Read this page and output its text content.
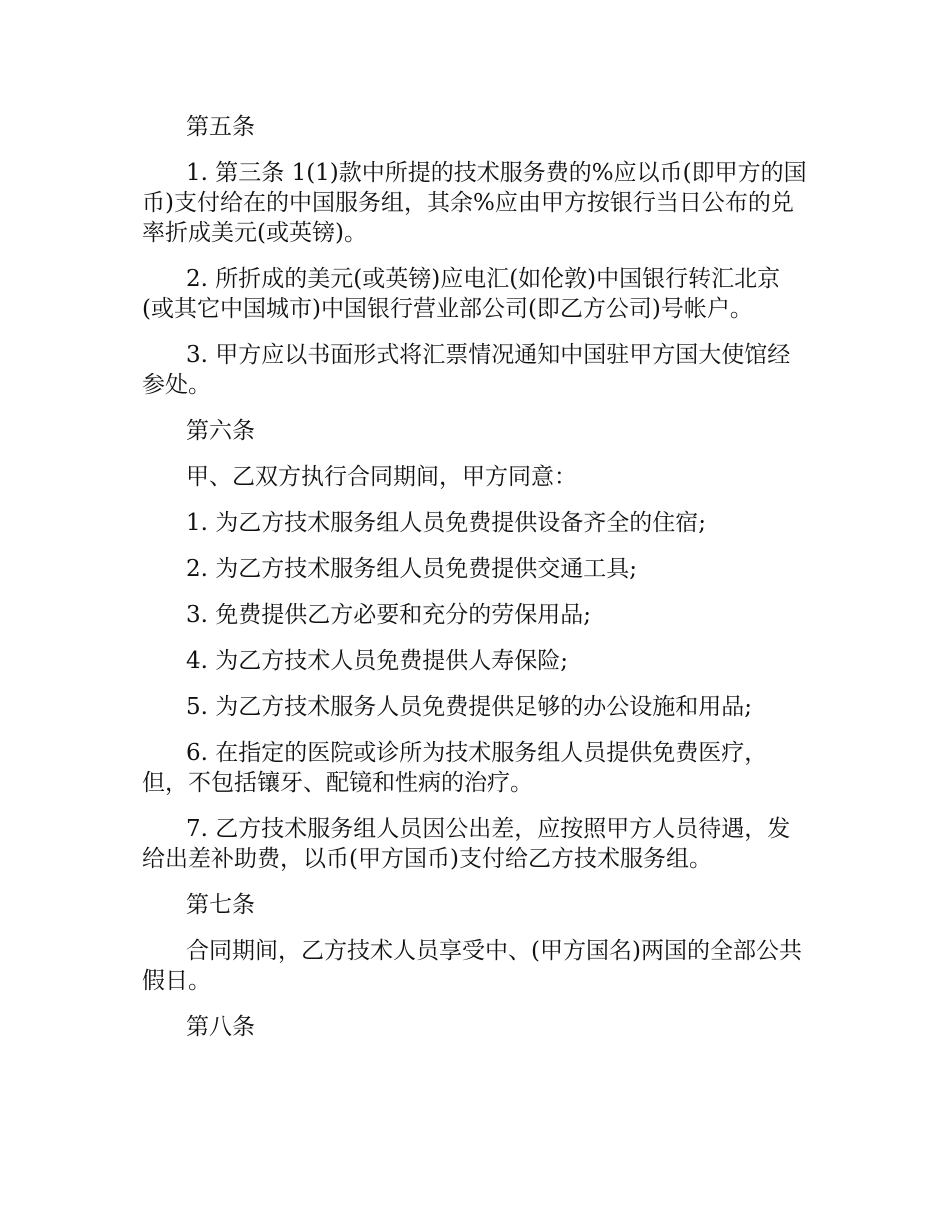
第五条

1. 第三条 1(1)款中所提的技术服务费的%应以币(即甲方的国币)支付给在的中国服务组，其余%应由甲方按银行当日公布的兑率折成美元(或英镑)。

2. 所折成的美元(或英镑)应电汇(如伦敦)中国银行转汇北京(或其它中国城市)中国银行营业部公司(即乙方公司)号帐户。

3. 甲方应以书面形式将汇票情况通知中国驻甲方国大使馆经参处。

第六条

甲、乙双方执行合同期间，甲方同意：

1. 为乙方技术服务组人员免费提供设备齐全的住宿;

2. 为乙方技术服务组人员免费提供交通工具;

3. 免费提供乙方必要和充分的劳保用品;

4. 为乙方技术人员免费提供人寿保险;

5. 为乙方技术服务人员免费提供足够的办公设施和用品;

6. 在指定的医院或诊所为技术服务组人员提供免费医疗，但，不包括镶牙、配镜和性病的治疗。

7. 乙方技术服务组人员因公出差，应按照甲方人员待遇，发给出差补助费，以币(甲方国币)支付给乙方技术服务组。

第七条

合同期间，乙方技术人员享受中、(甲方国名)两国的全部公共假日。

第八条
